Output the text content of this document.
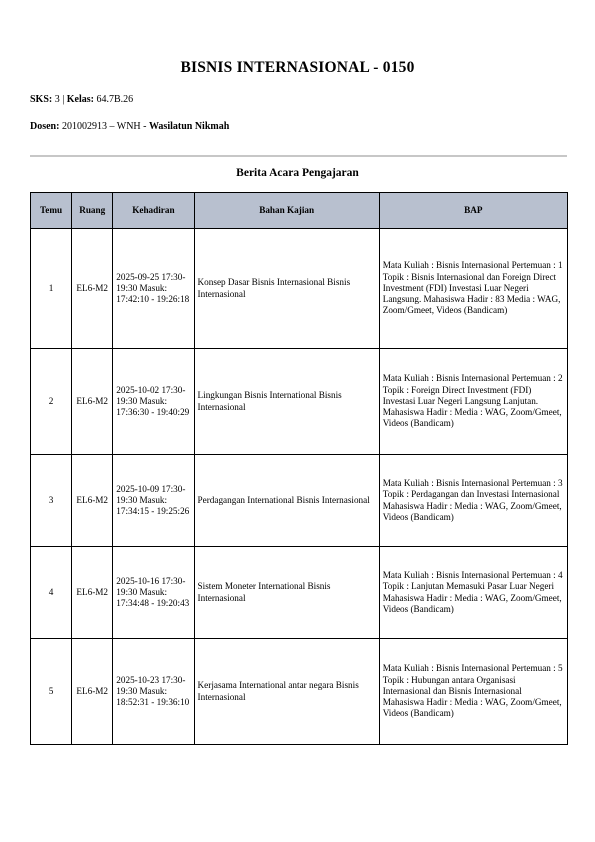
BISNIS INTERNASIONAL - 0150
SKS: 3 | Kelas: 64.7B.26
Dosen: 201002913 – WNH - Wasilatun Nikmah
Berita Acara Pengajaran
Temu	Ruang	Kehadiran	Bahan Kajian	BAP
1	EL6-M2	2025-09-25 17:30-19:30 Masuk: 17:42:10 - 19:26:18	Konsep Dasar Bisnis Internasional Bisnis Internasional	Mata Kuliah : Bisnis Internasional Pertemuan : 1 Topik : Bisnis Internasional dan Foreign Direct Investment (FDI) Investasi Luar Negeri Langsung. Mahasiswa Hadir : 83 Media : WAG, Zoom/Gmeet, Videos (Bandicam)
2	EL6-M2	2025-10-02 17:30-19:30 Masuk: 17:36:30 - 19:40:29	Lingkungan Bisnis International Bisnis Internasional	Mata Kuliah : Bisnis Internasional Pertemuan : 2 Topik : Foreign Direct Investment (FDI) Investasi Luar Negeri Langsung Lanjutan. Mahasiswa Hadir : Media : WAG, Zoom/Gmeet, Videos (Bandicam)
3	EL6-M2	2025-10-09 17:30-19:30 Masuk: 17:34:15 - 19:25:26	Perdagangan International Bisnis Internasional	Mata Kuliah : Bisnis Internasional Pertemuan : 3 Topik : Perdagangan dan Investasi Internasional Mahasiswa Hadir : Media : WAG, Zoom/Gmeet, Videos (Bandicam)
4	EL6-M2	2025-10-16 17:30-19:30 Masuk: 17:34:48 - 19:20:43	Sistem Moneter International Bisnis Internasional	Mata Kuliah : Bisnis Internasional Pertemuan : 4 Topik : Lanjutan Memasuki Pasar Luar Negeri Mahasiswa Hadir : Media : WAG, Zoom/Gmeet, Videos (Bandicam)
5	EL6-M2	2025-10-23 17:30-19:30 Masuk: 18:52:31 - 19:36:10	Kerjasama International antar negara Bisnis Internasional	Mata Kuliah : Bisnis Internasional Pertemuan : 5 Topik : Hubungan antara Organisasi Internasional dan Bisnis Internasional Mahasiswa Hadir : Media : WAG, Zoom/Gmeet, Videos (Bandicam)
